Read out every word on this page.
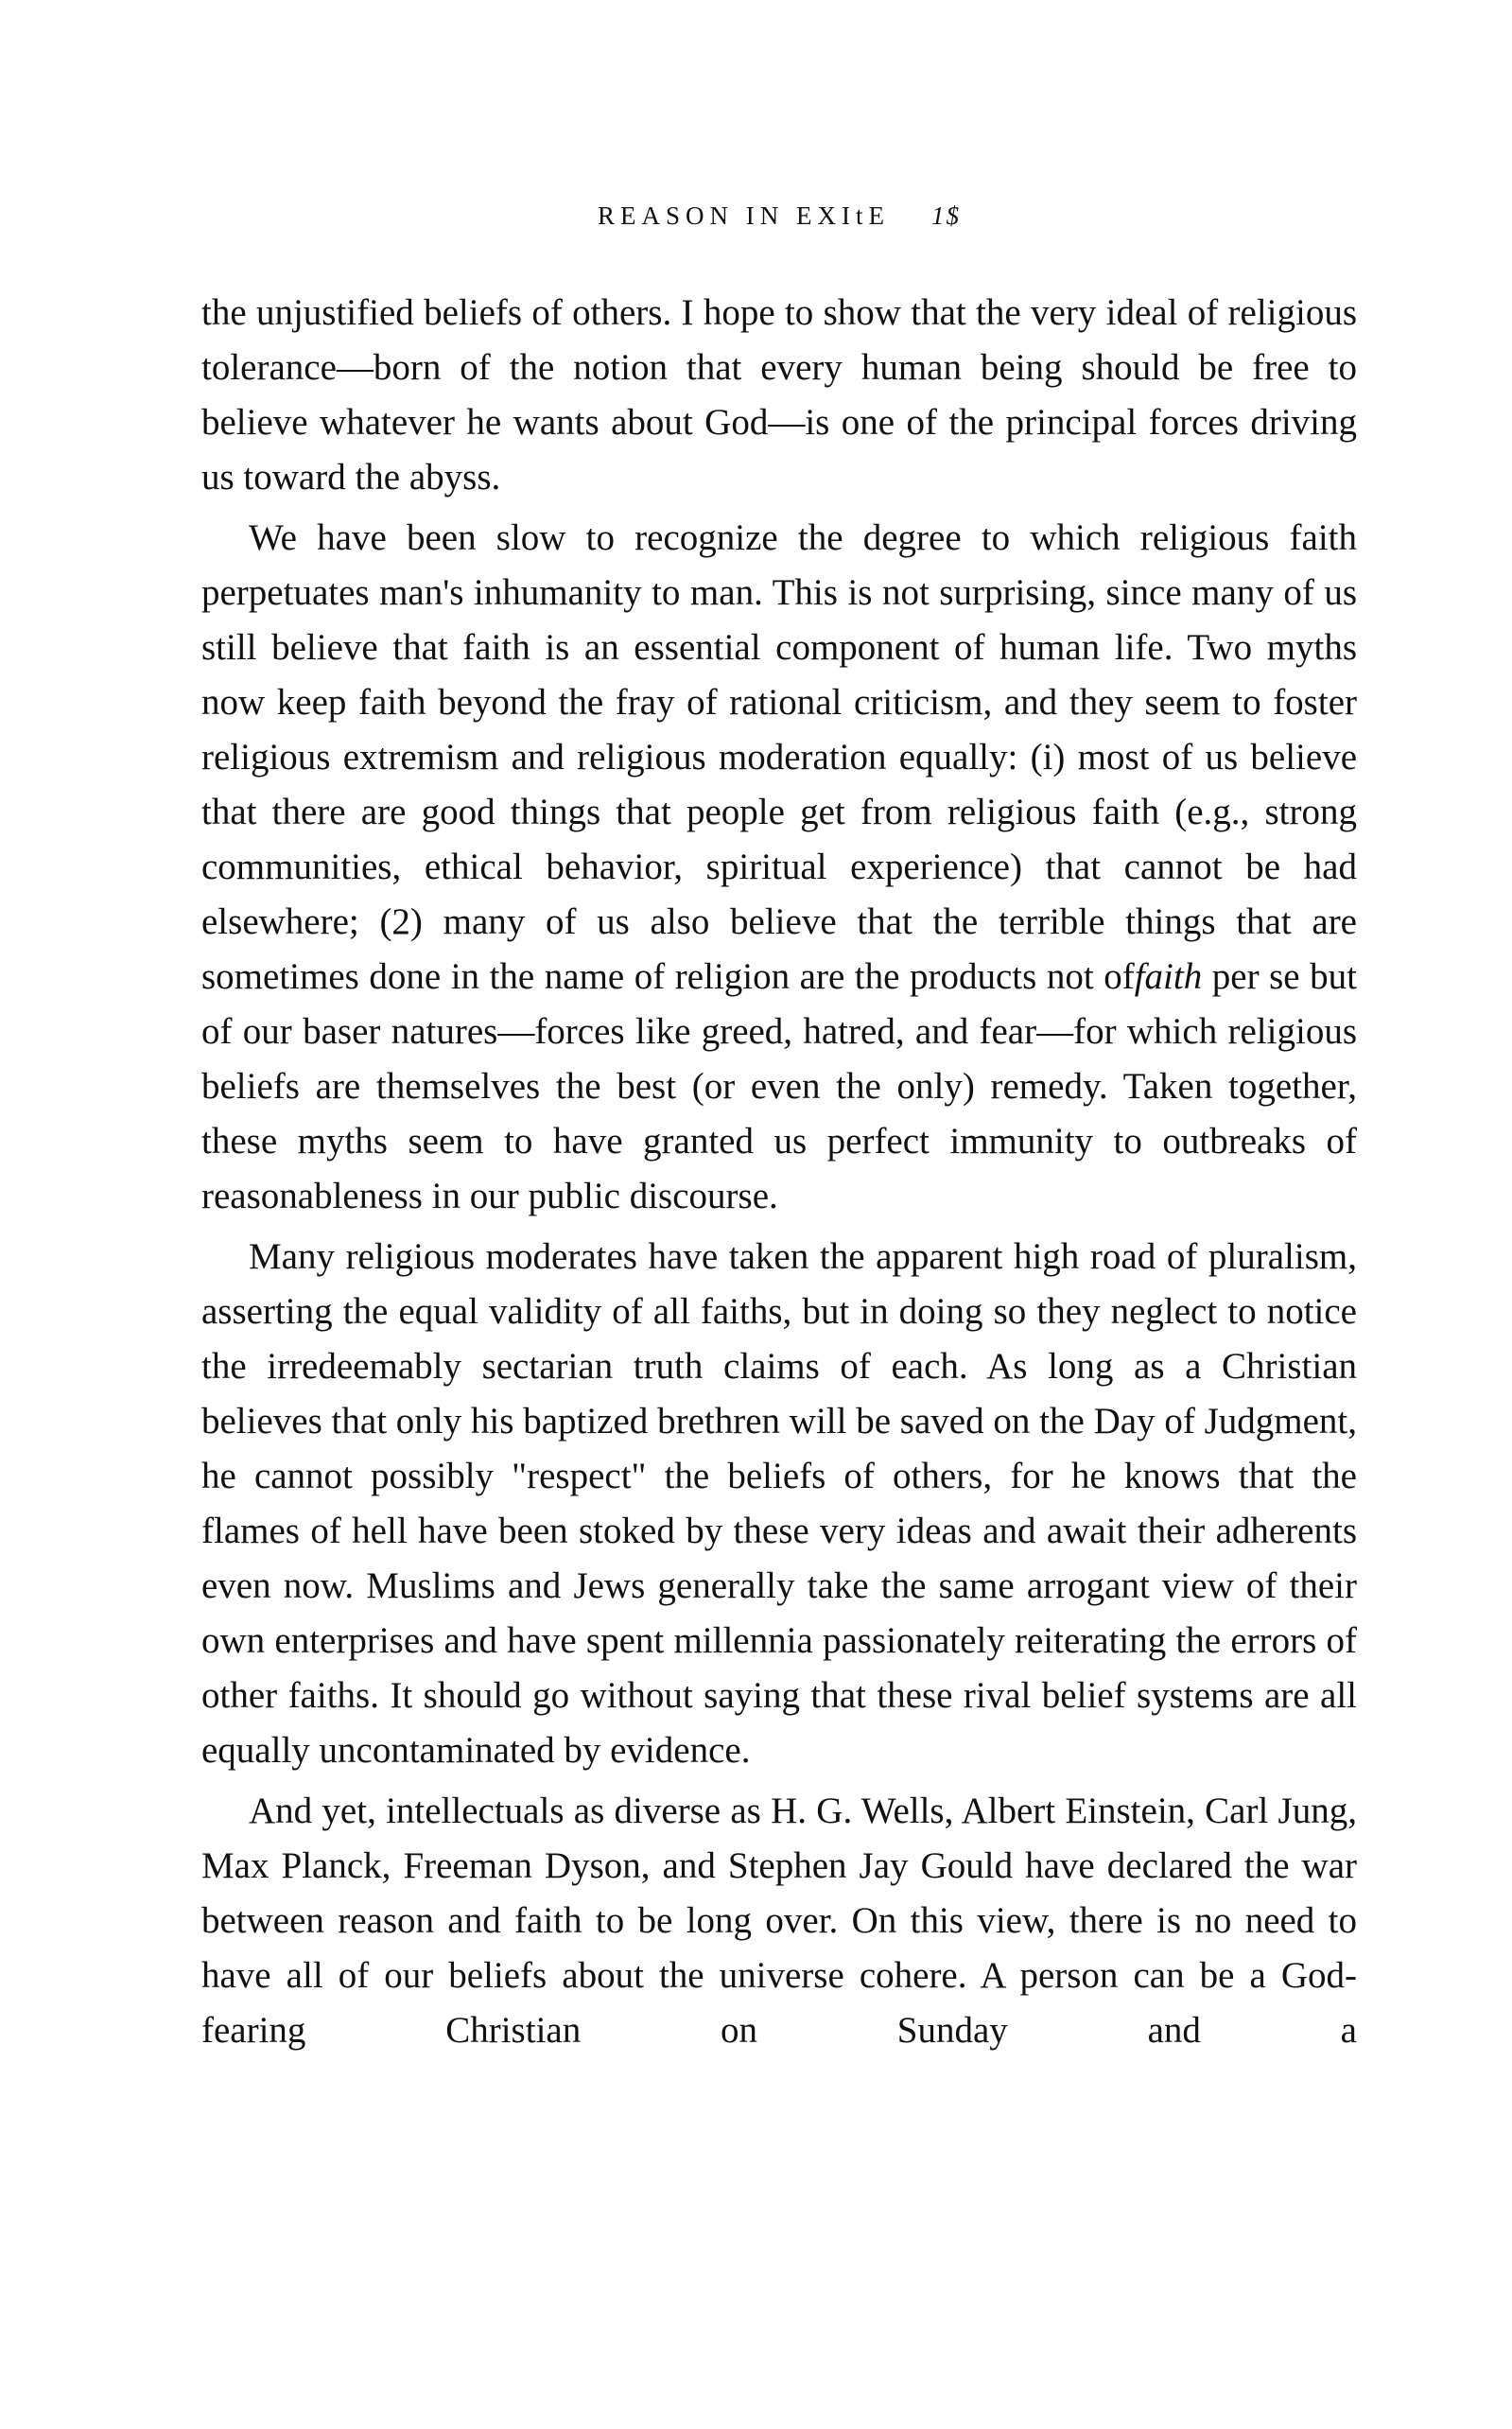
REASON IN EXItE 1$

the unjustified beliefs of others. I hope to show that the very ideal of religious tolerance—born of the notion that every human being should be free to believe whatever he wants about God—is one of the principal forces driving us toward the abyss.

We have been slow to recognize the degree to which religious faith perpetuates man's inhumanity to man. This is not surprising, since many of us still believe that faith is an essential component of human life. Two myths now keep faith beyond the fray of rational criticism, and they seem to foster religious extremism and religious moderation equally: (i) most of us believe that there are good things that people get from religious faith (e.g., strong communities, ethical behavior, spiritual experience) that cannot be had elsewhere; (2) many of us also believe that the terrible things that are sometimes done in the name of religion are the products not offaith per se but of our baser natures—forces like greed, hatred, and fear—for which religious beliefs are themselves the best (or even the only) remedy. Taken together, these myths seem to have granted us perfect immunity to outbreaks of reasonableness in our public discourse.

Many religious moderates have taken the apparent high road of pluralism, asserting the equal validity of all faiths, but in doing so they neglect to notice the irredeemably sectarian truth claims of each. As long as a Christian believes that only his baptized brethren will be saved on the Day of Judgment, he cannot possibly "respect" the beliefs of others, for he knows that the flames of hell have been stoked by these very ideas and await their adherents even now. Muslims and Jews generally take the same arrogant view of their own enterprises and have spent millennia passionately reiterating the errors of other faiths. It should go without saying that these rival belief systems are all equally uncontaminated by evidence.

And yet, intellectuals as diverse as H. G. Wells, Albert Einstein, Carl Jung, Max Planck, Freeman Dyson, and Stephen Jay Gould have declared the war between reason and faith to be long over. On this view, there is no need to have all of our beliefs about the universe cohere. A person can be a God-fearing Christian on Sunday and a
